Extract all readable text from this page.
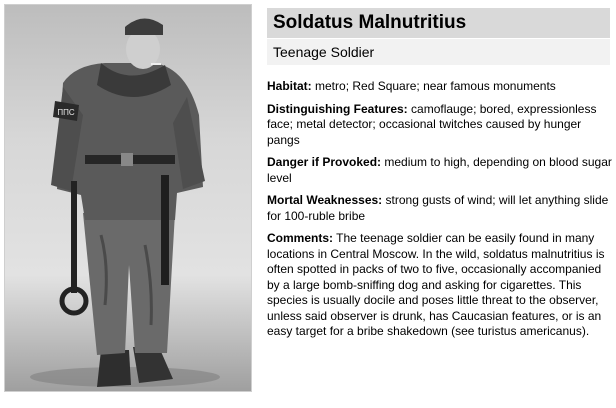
ППС
Soldatus Malnutritius
Teenage Soldier
Habitat: metro; Red Square; near famous monuments
Distinguishing Features: camoflauge; bored, expressionless face; metal detector; occasional twitches caused by hunger pangs
Danger if Provoked: medium to high, depending on blood sugar level
Mortal Weaknesses: strong gusts of wind; will let anything slide for 100-ruble bribe
Comments: The teenage soldier can be easily found in many locations in Central Moscow. In the wild, soldatus malnutritius is often spotted in packs of two to five, occasionally accompanied by a large bomb-sniffing dog and asking for cigarettes. This species is usually docile and poses little threat to the observer, unless said observer is drunk, has Caucasian features, or is an easy target for a bribe shakedown (see turistus americanus).
